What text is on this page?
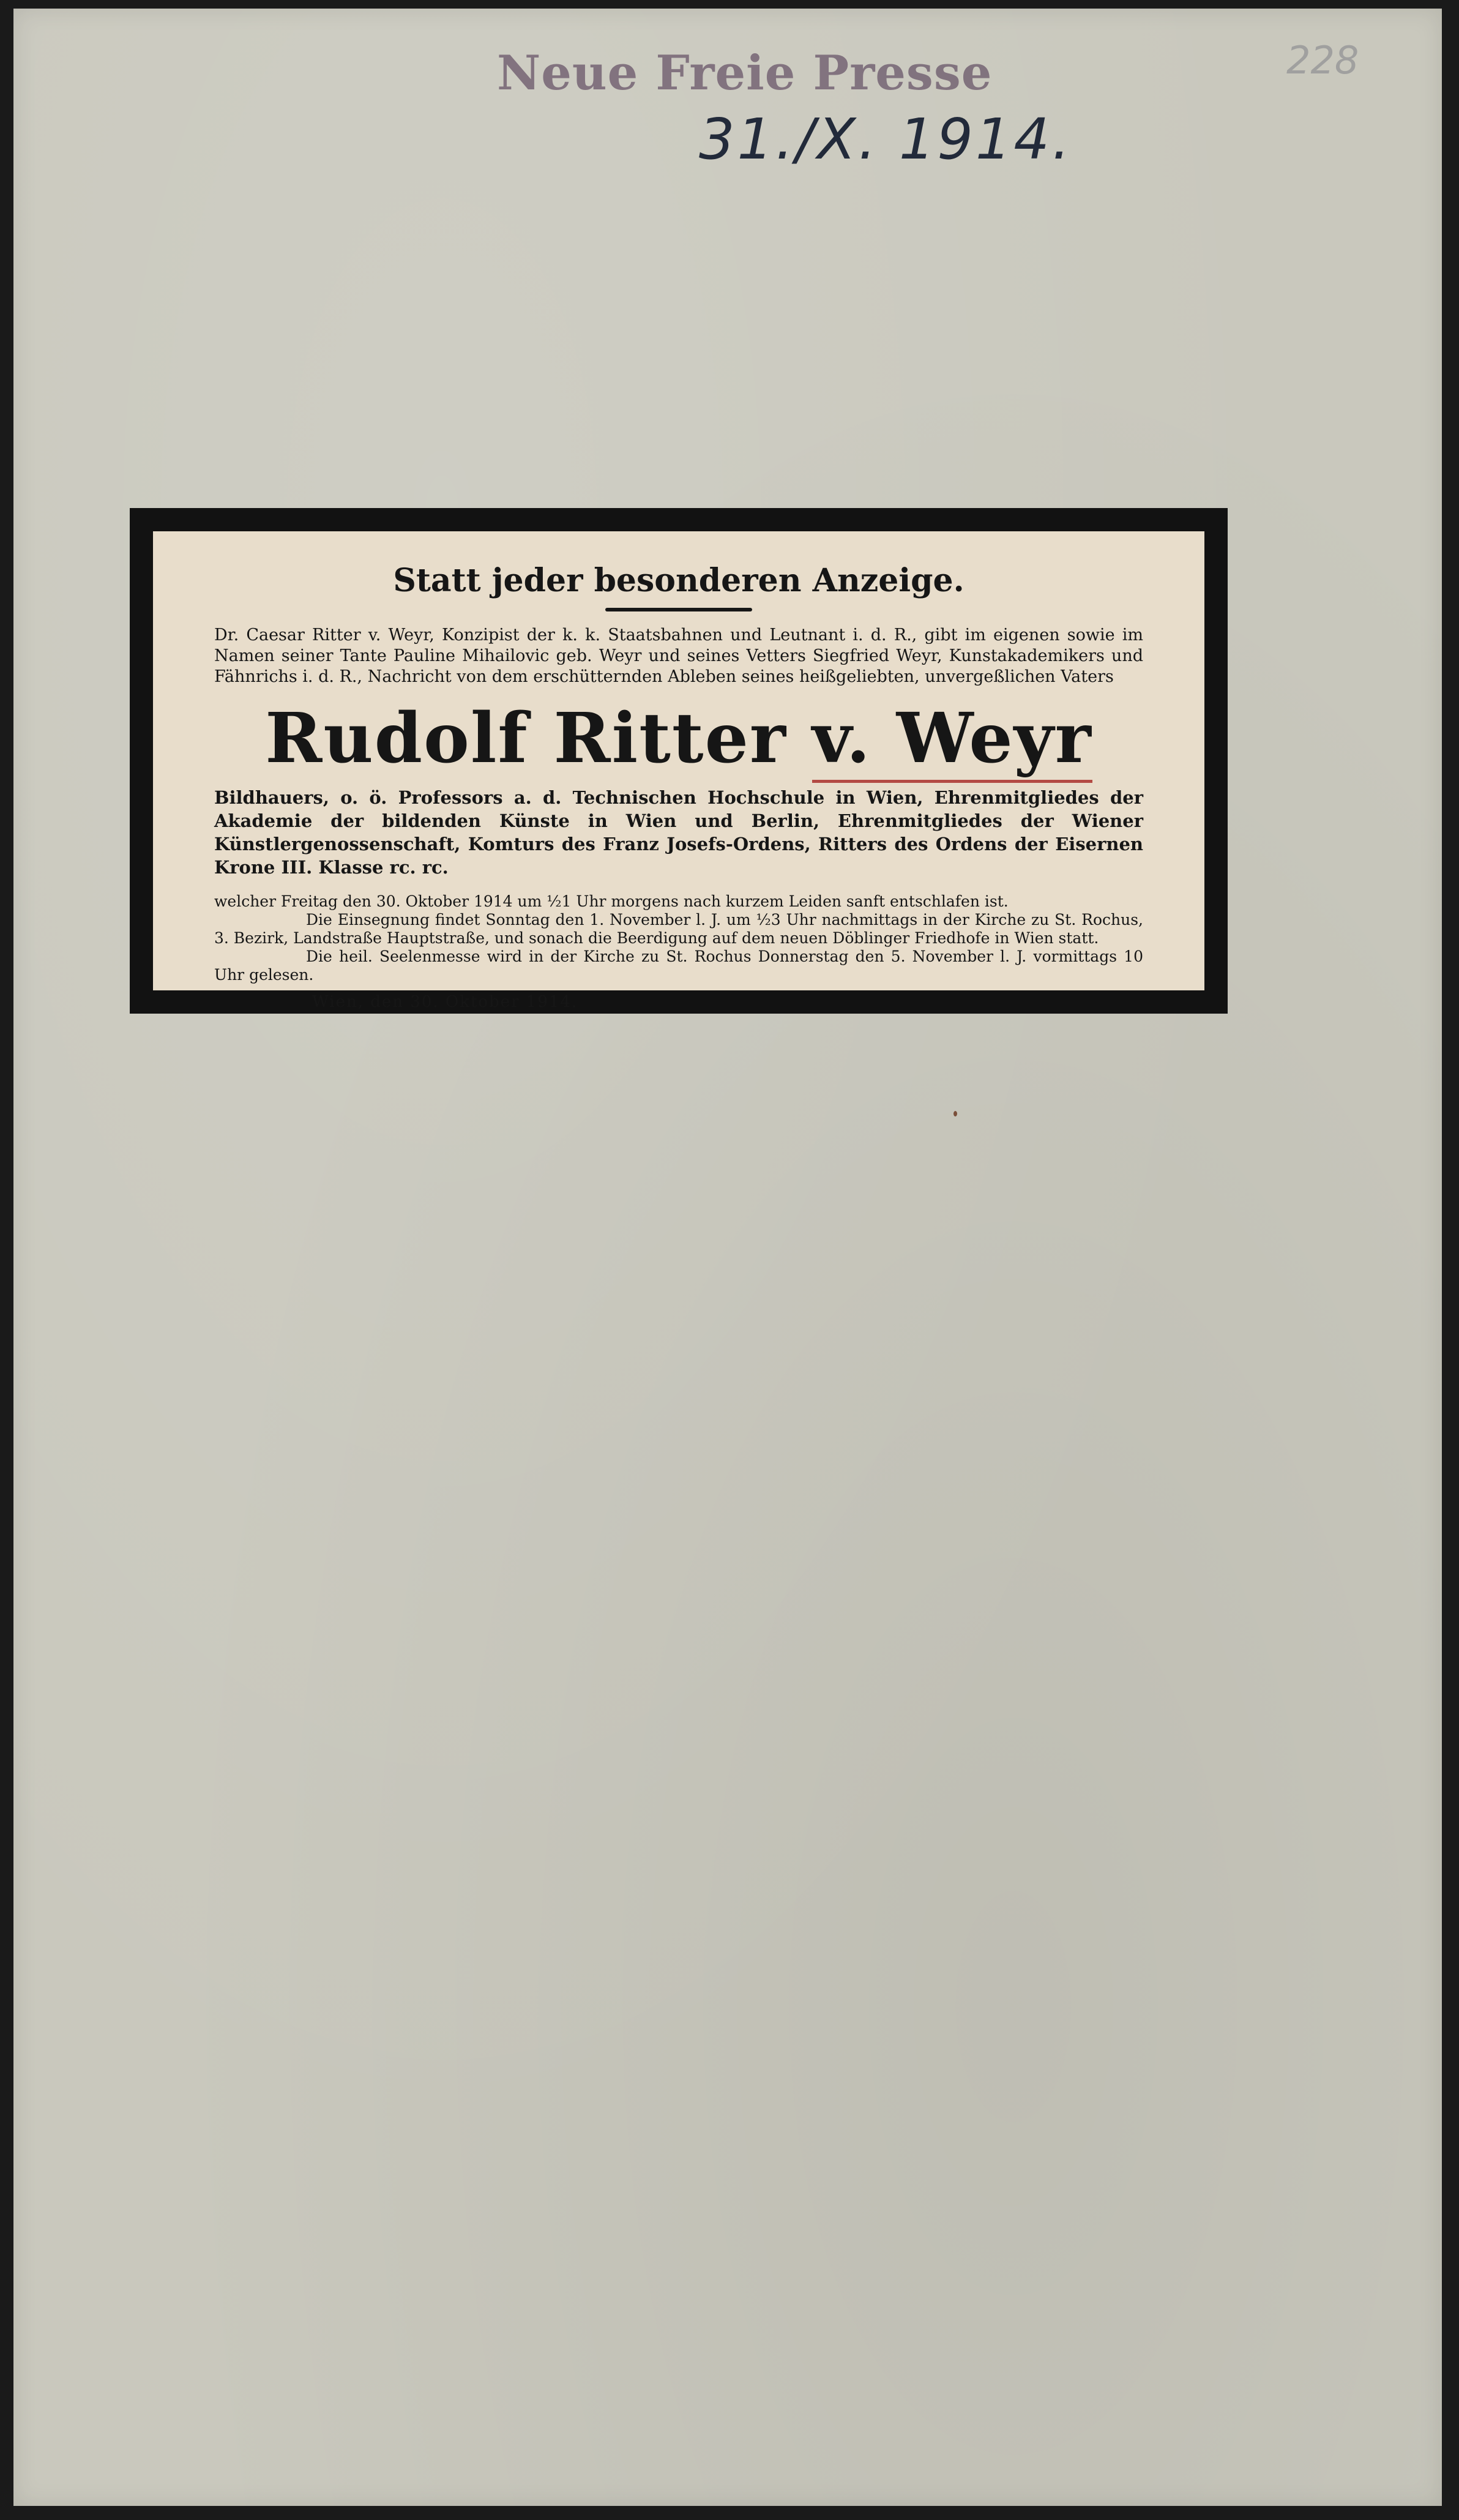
Neue Freie Presse
31./X. 1914.
228
Statt jeder besonderen Anzeige.
Dr. Caesar Ritter v. Weyr, Konzipist der k. k. Staatsbahnen und Leutnant i. d. R., gibt im eigenen sowie im Namen seiner Tante Pauline Mihailovic geb. Weyr und seines Vetters Siegfried Weyr, Kunstakademikers und Fähnrichs i. d. R., Nachricht von dem erschütternden Ableben seines heißgeliebten, unvergeßlichen Vaters
Rudolf Ritter v. Weyr
Bildhauers, o. ö. Professors a. d. Technischen Hochschule in Wien, Ehrenmitgliedes der Akademie der bildenden Künste in Wien und Berlin, Ehrenmitgliedes der Wiener Künstlergenossenschaft, Komturs des Franz Josefs-Ordens, Ritters des Ordens der Eisernen Krone III. Klasse rc. rc.

welcher Freitag den 30. Oktober 1914 um ½1 Uhr morgens nach kurzem Leiden sanft entschlafen ist.

Die Einsegnung findet Sonntag den 1. November l. J. um ½3 Uhr nachmittags in der Kirche zu St. Rochus, 3. Bezirk, Landstraße Hauptstraße, und sonach die Beerdigung auf dem neuen Döblinger Friedhofe in Wien statt.

Die heil. Seelenmesse wird in der Kirche zu St. Rochus Donnerstag den 5. November l. J. vormittags 10 Uhr gelesen.

Wien, den 30. Oktober 1914.
